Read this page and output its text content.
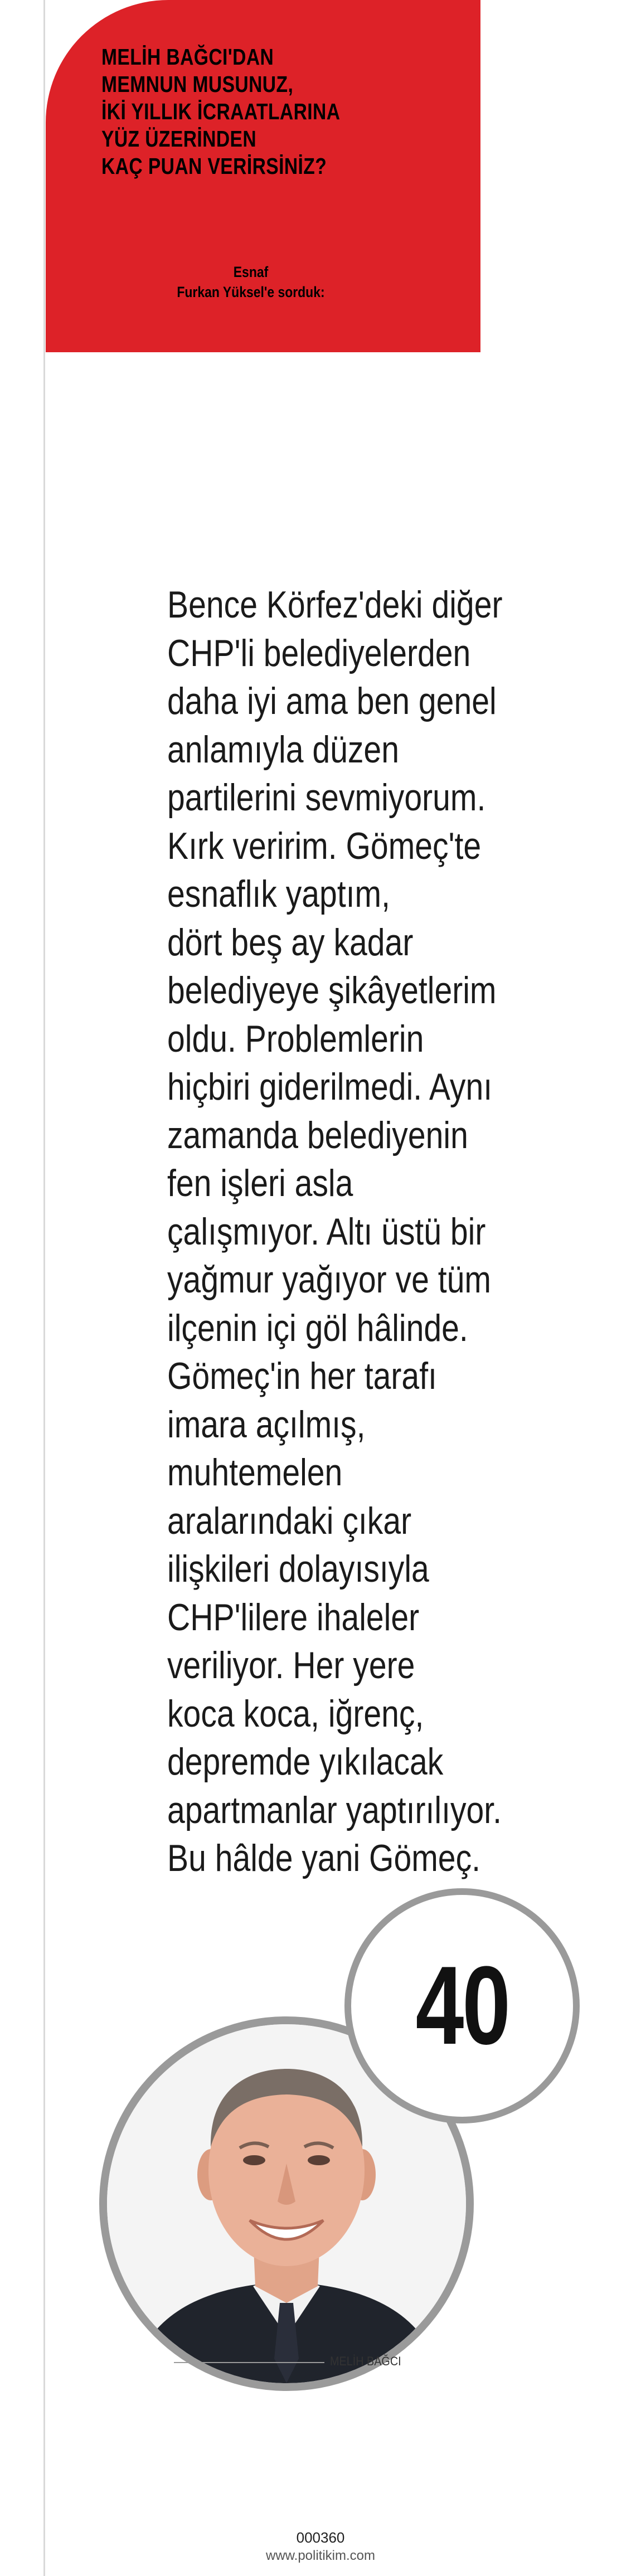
MELİH BAĞCI'DAN
MEMNUN MUSUNUZ,
İKİ YILLIK İCRAATLARINA
YÜZ ÜZERİNDEN
KAÇ PUAN VERİRSİNİZ?
Esnaf
Furkan Yüksel'e sorduk:
Bence Körfez'deki diğer
CHP'li belediyelerden
daha iyi ama ben genel
anlamıyla düzen
partilerini sevmiyorum.
Kırk veririm. Gömeç'te
esnaflık yaptım,
dört beş ay kadar
belediyeye şikâyetlerim
oldu. Problemlerin
hiçbiri giderilmedi. Aynı
zamanda belediyenin
fen işleri asla
çalışmıyor. Altı üstü bir
yağmur yağıyor ve tüm
ilçenin içi göl hâlinde.
Gömeç'in her tarafı
imara açılmış,
muhtemelen
aralarındaki çıkar
ilişkileri dolayısıyla
CHP'lilere ihaleler
veriliyor. Her yere
koca koca, iğrenç,
depremde yıkılacak
apartmanlar yaptırılıyor.
Bu hâlde yani Gömeç.
40
MELİH BAĞCI
000360
www.politikim.com
